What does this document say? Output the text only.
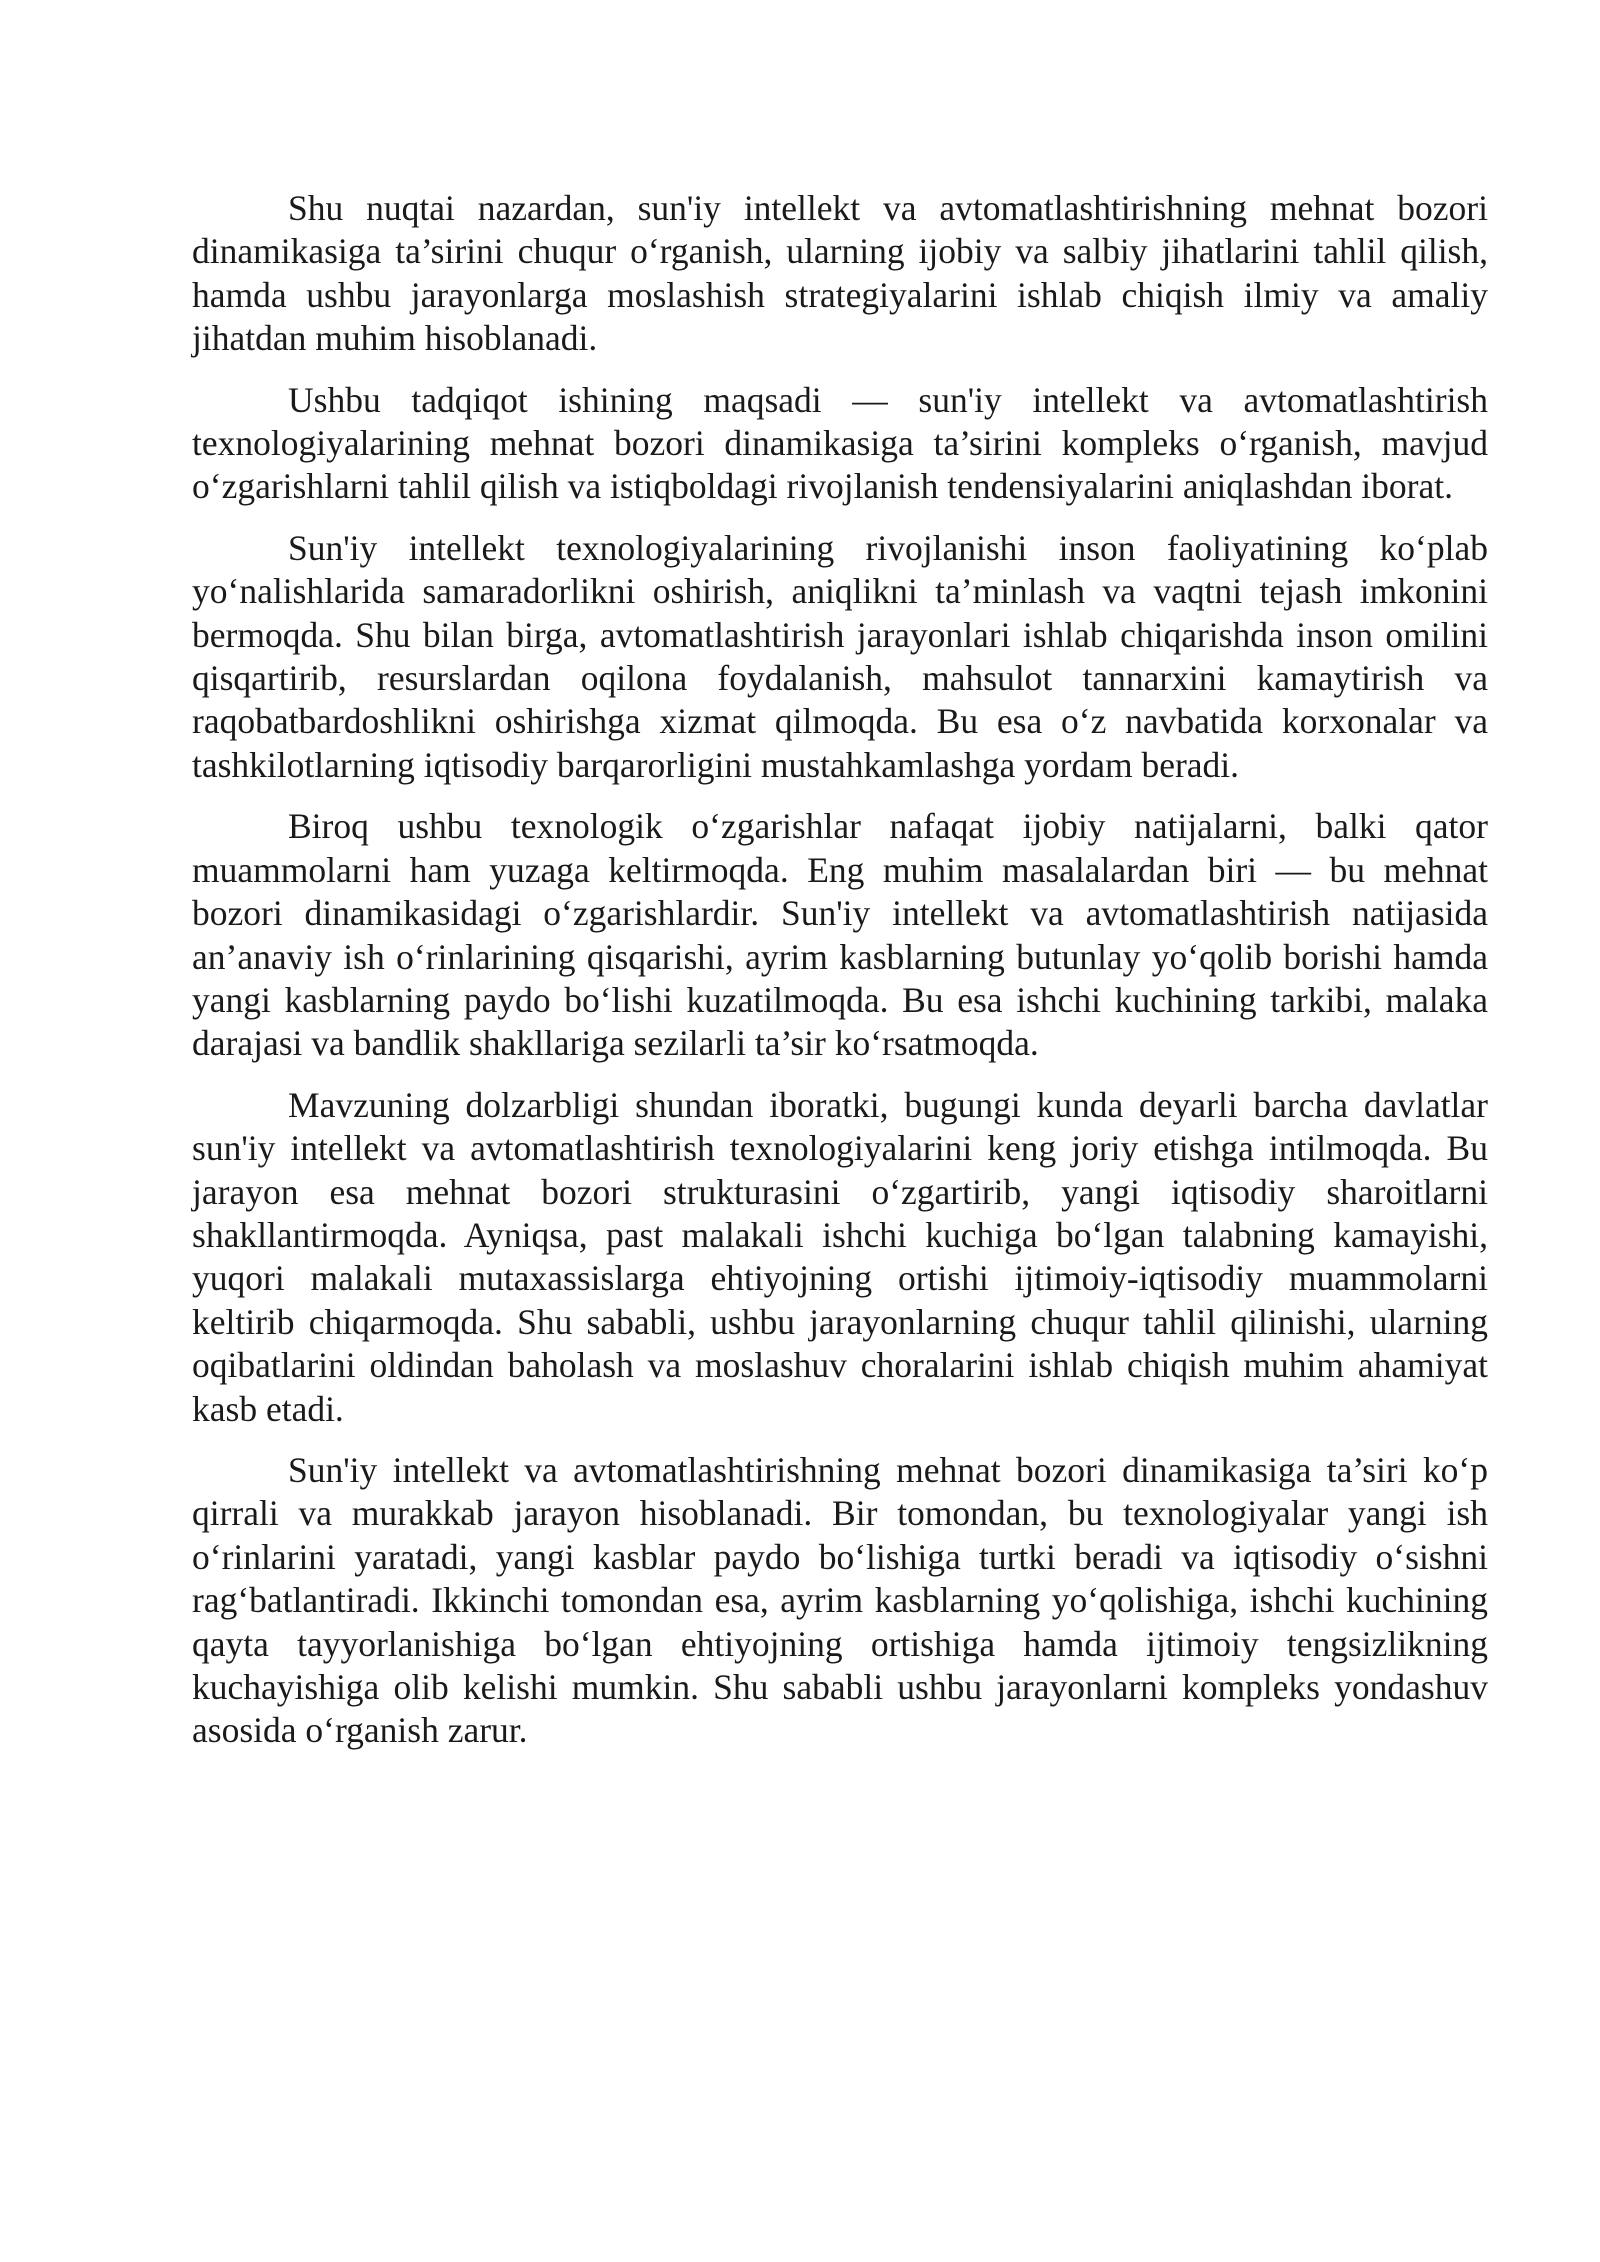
Shu nuqtai nazardan, sun'iy intellekt va avtomatlashtirishning mehnat bozori dinamikasiga ta’sirini chuqur o‘rganish, ularning ijobiy va salbiy jihatlarini tahlil qilish, hamda ushbu jarayonlarga moslashish strategiyalarini ishlab chiqish ilmiy va amaliy jihatdan muhim hisoblanadi.

Ushbu tadqiqot ishining maqsadi — sun'iy intellekt va avtomatlashtirish texnologiyalarining mehnat bozori dinamikasiga ta’sirini kompleks o‘rganish, mavjud o‘zgarishlarni tahlil qilish va istiqboldagi rivojlanish tendensiyalarini aniqlashdan iborat.

Sun'iy intellekt texnologiyalarining rivojlanishi inson faoliyatining ko‘plab yo‘nalishlarida samaradorlikni oshirish, aniqlikni ta’minlash va vaqtni tejash imkonini bermoqda. Shu bilan birga, avtomatlashtirish jarayonlari ishlab chiqarishda inson omilini qisqartirib, resurslardan oqilona foydalanish, mahsulot tannarxini kamaytirish va raqobatbardoshlikni oshirishga xizmat qilmoqda. Bu esa o‘z navbatida korxonalar va tashkilotlarning iqtisodiy barqarorligini mustahkamlashga yordam beradi.

Biroq ushbu texnologik o‘zgarishlar nafaqat ijobiy natijalarni, balki qator muammolarni ham yuzaga keltirmoqda. Eng muhim masalalardan biri — bu mehnat bozori dinamikasidagi o‘zgarishlardir. Sun'iy intellekt va avtomatlashtirish natijasida an’anaviy ish o‘rinlarining qisqarishi, ayrim kasblarning butunlay yo‘qolib borishi hamda yangi kasblarning paydo bo‘lishi kuzatilmoqda. Bu esa ishchi kuchining tarkibi, malaka darajasi va bandlik shakllariga sezilarli ta’sir ko‘rsatmoqda.

Mavzuning dolzarbligi shundan iboratki, bugungi kunda deyarli barcha davlatlar sun'iy intellekt va avtomatlashtirish texnologiyalarini keng joriy etishga intilmoqda. Bu jarayon esa mehnat bozori strukturasini o‘zgartirib, yangi iqtisodiy sharoitlarni shakllantirmoqda. Ayniqsa, past malakali ishchi kuchiga bo‘lgan talabning kamayishi, yuqori malakali mutaxassislarga ehtiyojning ortishi ijtimoiy-iqtisodiy muammolarni keltirib chiqarmoqda. Shu sababli, ushbu jarayonlarning chuqur tahlil qilinishi, ularning oqibatlarini oldindan baholash va moslashuv choralarini ishlab chiqish muhim ahamiyat kasb etadi.

Sun'iy intellekt va avtomatlashtirishning mehnat bozori dinamikasiga ta’siri ko‘p qirrali va murakkab jarayon hisoblanadi. Bir tomondan, bu texnologiyalar yangi ish o‘rinlarini yaratadi, yangi kasblar paydo bo‘lishiga turtki beradi va iqtisodiy o‘sishni rag‘batlantiradi. Ikkinchi tomondan esa, ayrim kasblarning yo‘qolishiga, ishchi kuchining qayta tayyorlanishiga bo‘lgan ehtiyojning ortishiga hamda ijtimoiy tengsizlikning kuchayishiga olib kelishi mumkin. Shu sababli ushbu jarayonlarni kompleks yondashuv asosida o‘rganish zarur.
